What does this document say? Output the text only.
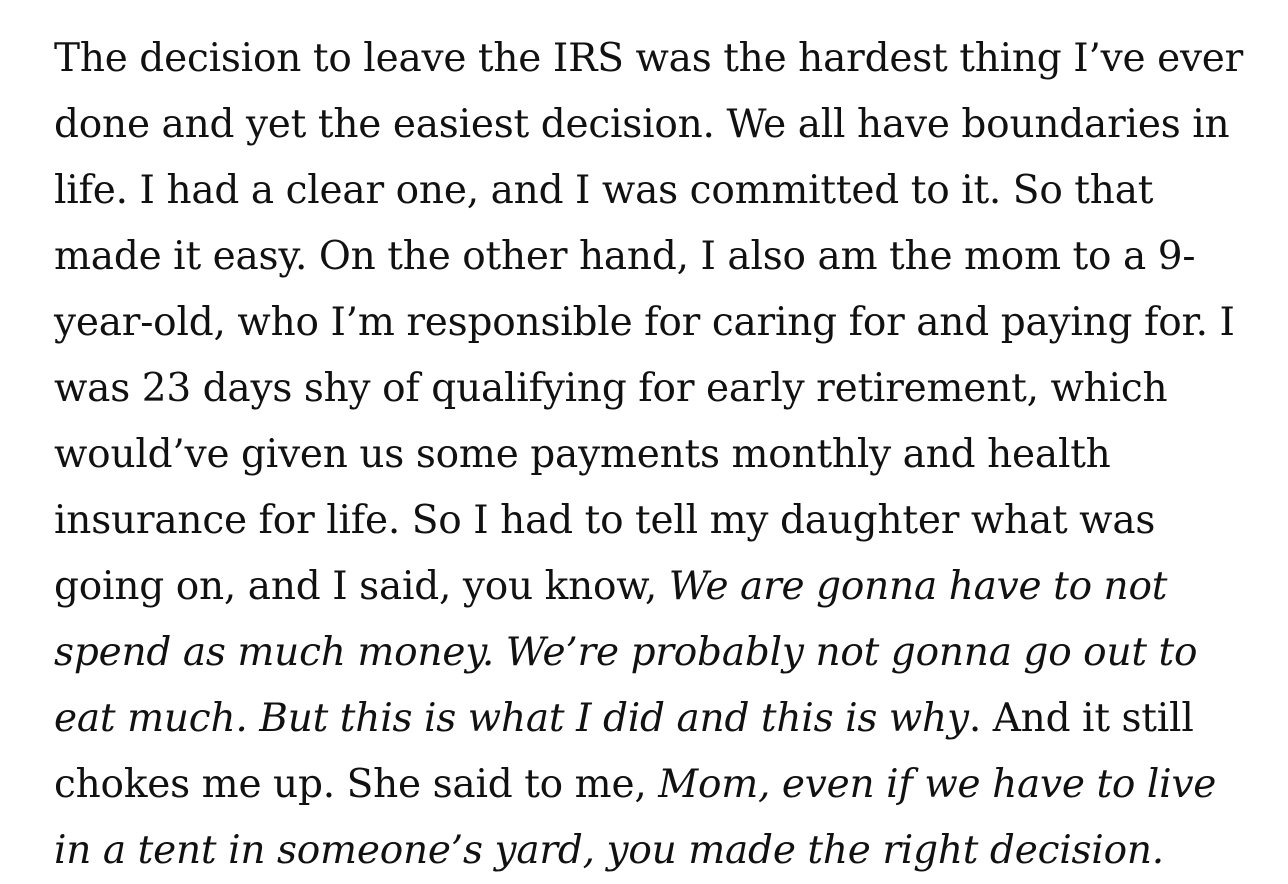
The decision to leave the IRS was the hardest thing I’ve ever done and yet the easiest decision. We all have boundaries in life. I had a clear one, and I was committed to it. So that made it easy. On the other hand, I also am the mom to a 9-year-old, who I’m responsible for caring for and paying for. I was 23 days shy of qualifying for early retirement, which would’ve given us some payments monthly and health insurance for life. So I had to tell my daughter what was going on, and I said, you know, We are gonna have to not spend as much money. We’re probably not gonna go out to eat much. But this is what I did and this is why. And it still chokes me up. She said to me, Mom, even if we have to live in a tent in someone’s yard, you made the right decision.
